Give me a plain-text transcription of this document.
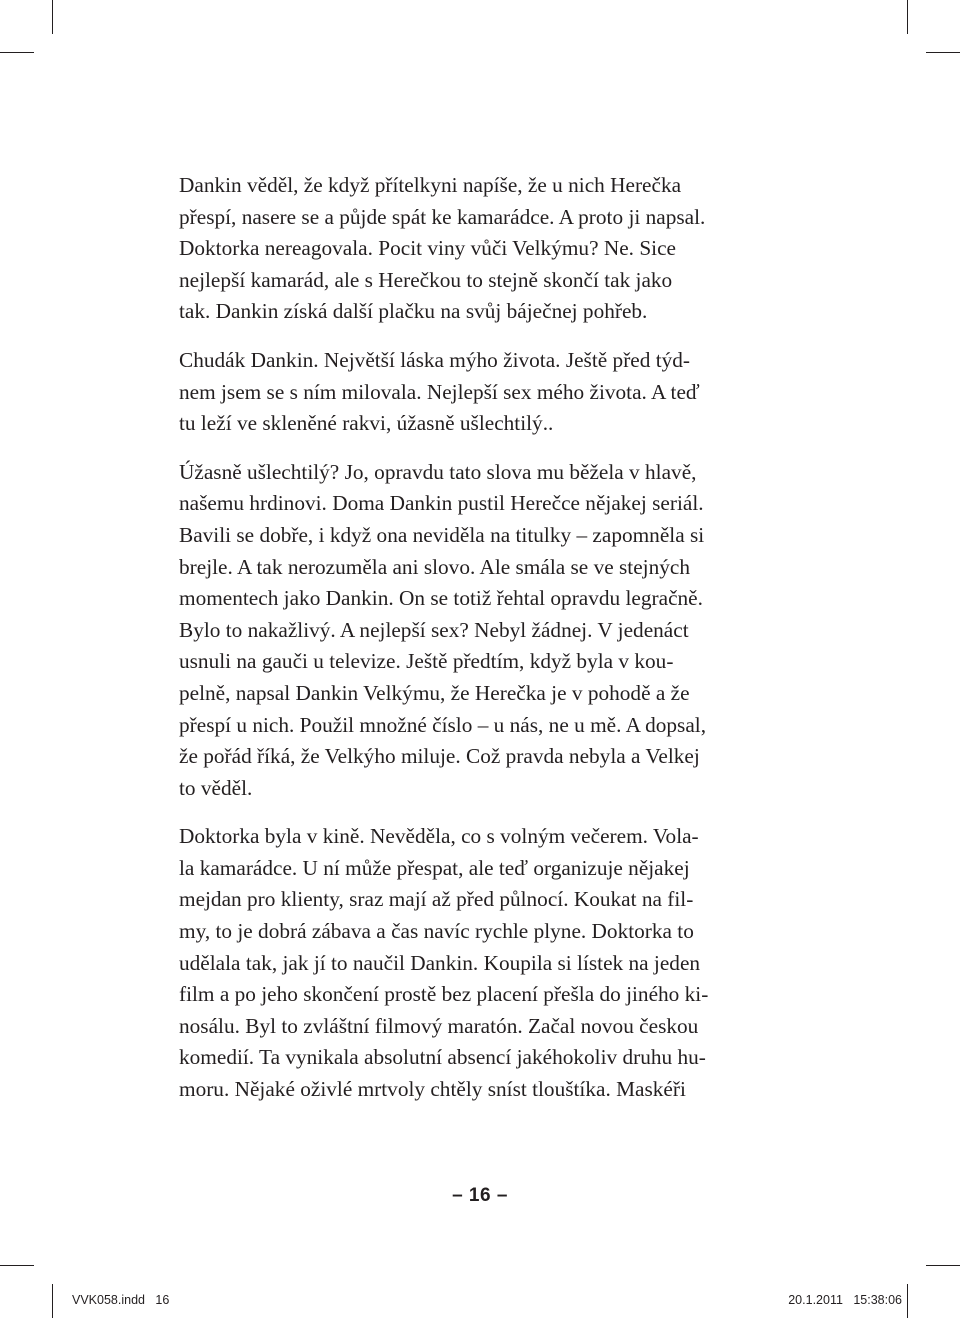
Dankin věděl, že když přítelkyni napíše, že u nich Herečka
přespí, nasere se a půjde spát ke kamarádce. A proto ji napsal.
Doktorka nereagovala. Pocit viny vůči Velkýmu? Ne. Sice
nejlepší kamarád, ale s Herečkou to stejně skončí tak jako
tak. Dankin získá další plačku na svůj báječnej pohřeb.
Chudák Dankin. Největší láska mýho života. Ještě před týd-
nem jsem se s ním milovala. Nejlepší sex mého života. A teď
tu leží ve skleněné rakvi, úžasně ušlechtilý..
Úžasně ušlechtilý? Jo, opravdu tato slova mu běžela v hlavě,
našemu hrdinovi. Doma Dankin pustil Herečce nějakej seriál.
Bavili se dobře, i když ona neviděla na titulky – zapomněla si
brejle. A tak nerozuměla ani slovo. Ale smála se ve stejných
momentech jako Dankin. On se totiž řehtal opravdu legračně.
Bylo to nakažlivý. A nejlepší sex? Nebyl žádnej. V jedenáct
usnuli na gauči u televize. Ještě předtím, když byla v kou-
pelně, napsal Dankin Velkýmu, že Herečka je v pohodě a že
přespí u nich. Použil množné číslo – u nás, ne u mě. A dopsal,
že pořád říká, že Velkýho miluje. Což pravda nebyla a Velkej
to věděl.
Doktorka byla v kině. Nevěděla, co s volným večerem. Vola-
la kamarádce. U ní může přespat, ale teď organizuje nějakej
mejdan pro klienty, sraz mají až před půlnocí. Koukat na fil-
my, to je dobrá zábava a čas navíc rychle plyne. Doktorka to
udělala tak, jak jí to naučil Dankin. Koupila si lístek na jeden
film a po jeho skončení prostě bez placení přešla do jiného ki-
nosálu. Byl to zvláštní filmový maratón. Začal novou českou
komedií. Ta vynikala absolutní absencí jakéhokoliv druhu hu-
moru. Nějaké oživlé mrtvoly chtěly sníst tlouštíka. Maskéři
– 16 –
VVK058.indd   16	20.1.2011   15:38:06
